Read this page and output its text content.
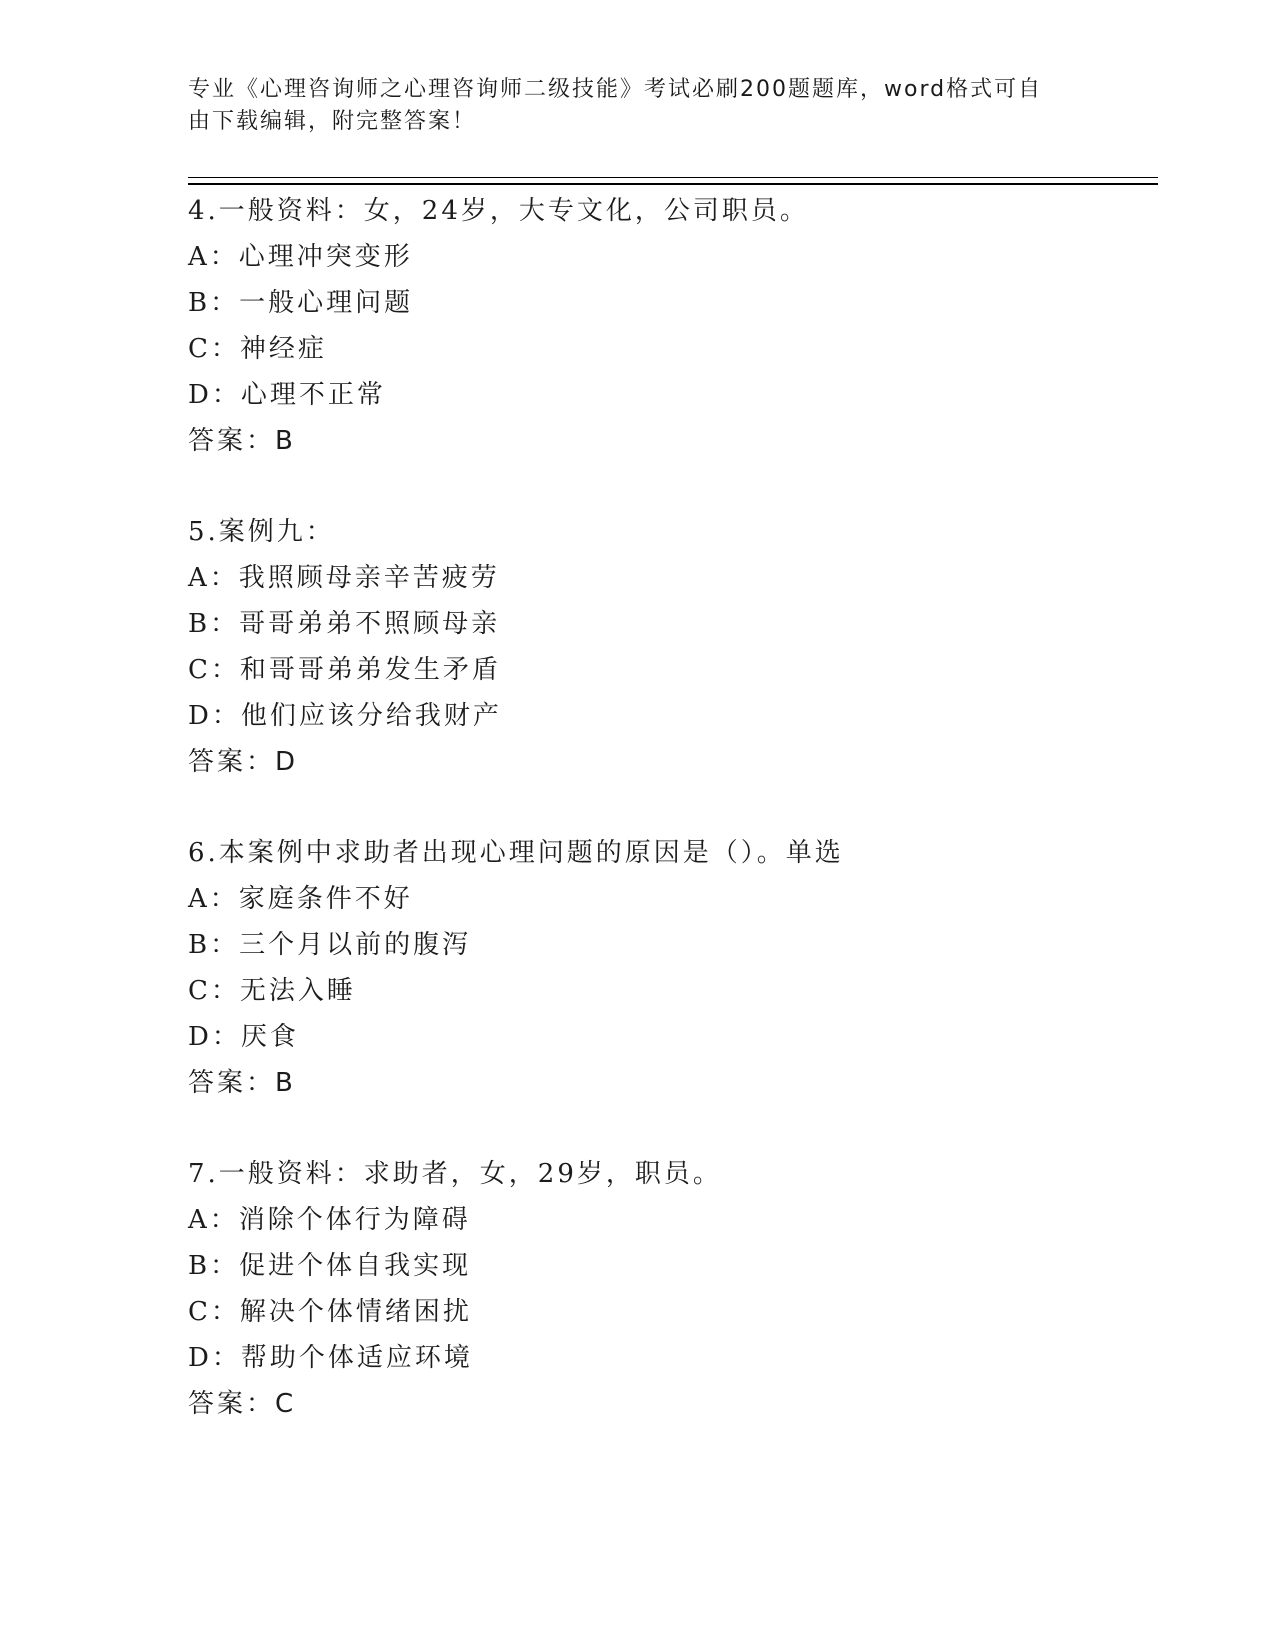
专业《心理咨询师之心理咨询师二级技能》考试必刷200题题库，word格式可自
由下载编辑，附完整答案！
4.一般资料：女，24岁，大专文化，公司职员。
A：心理冲突变形
B：一般心理问题
C：神经症
D：心理不正常
答案：B
5.案例九：
A：我照顾母亲辛苦疲劳
B：哥哥弟弟不照顾母亲
C：和哥哥弟弟发生矛盾
D：他们应该分给我财产
答案：D
6.本案例中求助者出现心理问题的原因是（）。单选
A：家庭条件不好
B：三个月以前的腹泻
C：无法入睡
D：厌食
答案：B
7.一般资料：求助者，女，29岁，职员。
A：消除个体行为障碍
B：促进个体自我实现
C：解决个体情绪困扰
D：帮助个体适应环境
答案：C
